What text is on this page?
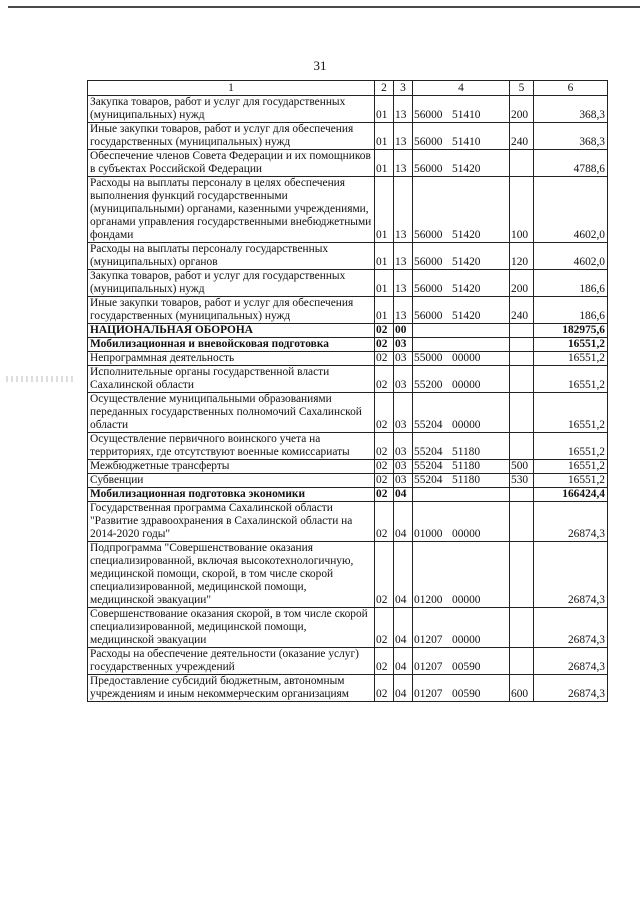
31
1	2	3	4	5	6
Закупка товаров, работ и услуг для государственных (муниципальных) нужд	01	13	56000 51410	200	368,3
Иные закупки товаров, работ и услуг для обеспечения государственных (муниципальных) нужд	01	13	56000 51410	240	368,3
Обеспечение членов Совета Федерации и их помощников в субъектах Российской Федерации	01	13	56000 51420		4788,6
Расходы на выплаты персоналу в целях обеспечения выполнения функций государственными (муниципальными) органами, казенными учреждениями, органами управления государственными внебюджетными фондами	01	13	56000 51420	100	4602,0
Расходы на выплаты персоналу государственных (муниципальных) органов	01	13	56000 51420	120	4602,0
Закупка товаров, работ и услуг для государственных (муниципальных) нужд	01	13	56000 51420	200	186,6
Иные закупки товаров, работ и услуг для обеспечения государственных (муниципальных) нужд	01	13	56000 51420	240	186,6
НАЦИОНАЛЬНАЯ ОБОРОНА	02	00			182975,6
Мобилизационная и вневойсковая подготовка	02	03			16551,2
Непрограммная деятельность	02	03	55000 00000		16551,2
Исполнительные органы государственной власти Сахалинской области	02	03	55200 00000		16551,2
Осуществление муниципальными образованиями переданных государственных полномочий Сахалинской области	02	03	55204 00000		16551,2
Осуществление первичного воинского учета на территориях, где отсутствуют военные комиссариаты	02	03	55204 51180		16551,2
Межбюджетные трансферты	02	03	55204 51180	500	16551,2
Субвенции	02	03	55204 51180	530	16551,2
Мобилизационная подготовка экономики	02	04			166424,4
Государственная программа Сахалинской области "Развитие здравоохранения в Сахалинской области на 2014-2020 годы"	02	04	01000 00000		26874,3
Подпрограмма "Совершенствование оказания специализированной, включая высокотехнологичную, медицинской помощи, скорой, в том числе скорой специализированной, медицинской помощи, медицинской эвакуации"	02	04	01200 00000		26874,3
Совершенствование оказания скорой, в том числе скорой специализированной, медицинской помощи, медицинской эвакуации	02	04	01207 00000		26874,3
Расходы на обеспечение деятельности (оказание услуг) государственных учреждений	02	04	01207 00590		26874,3
Предоставление субсидий бюджетным, автономным учреждениям и иным некоммерческим организациям	02	04	01207 00590	600	26874,3
